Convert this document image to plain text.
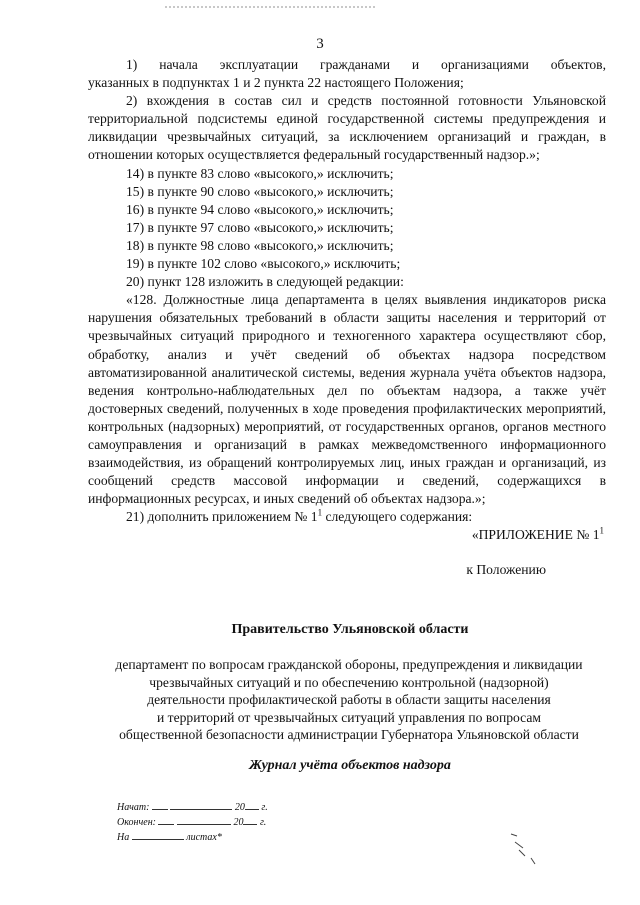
3
1) начала эксплуатации гражданами и организациями объектов,
указанных в подпунктах 1 и 2 пункта 22 настоящего Положения;
2) вхождения в состав сил и средств постоянной готовности Ульяновской территориальной подсистемы единой государственной системы предупреждения и ликвидации чрезвычайных ситуаций, за исключением организаций и граждан, в отношении которых осуществляется федеральный государственный надзор.»;
14) в пункте 83 слово «высокого,» исключить;
15) в пункте 90 слово «высокого,» исключить;
16) в пункте 94 слово «высокого,» исключить;
17) в пункте 97 слово «высокого,» исключить;
18) в пункте 98 слово «высокого,» исключить;
19) в пункте 102 слово «высокого,» исключить;
20) пункт 128 изложить в следующей редакции:
«128. Должностные лица департамента в целях выявления индикаторов риска нарушения обязательных требований в области защиты населения и территорий от чрезвычайных ситуаций природного и техногенного характера осуществляют сбор, обработку, анализ и учёт сведений об объектах надзора посредством автоматизированной аналитической системы, ведения журнала учёта объектов надзора, ведения контрольно-наблюдательных дел по объектам надзора, а также учёт достоверных сведений, полученных в ходе проведения профилактических мероприятий, контрольных (надзорных) мероприятий, от государственных органов, органов местного самоуправления и организаций в рамках межведомственного информационного взаимодействия, из обращений контролируемых лиц, иных граждан и организаций, из сообщений средств массовой информации и сведений, содержащихся в информационных ресурсах, и иных сведений об объектах надзора.»;
21) дополнить приложением № $1^1$ следующего содержания:
«ПРИЛОЖЕНИЕ № $1^1$
к Положению
Правительство Ульяновской области
департамент по вопросам гражданской обороны, предупреждения и ликвидации
чрезвычайных ситуаций и по обеспечению контрольной (надзорной)
деятельности профилактической работы в области защиты населения
и территорий от чрезвычайных ситуаций управления по вопросам
общественной безопасности администрации Губернатора Ульяновской области
Журнал учёта объектов надзора
Начат:	20 г.
Окончен:	20 г.
На	листах*
